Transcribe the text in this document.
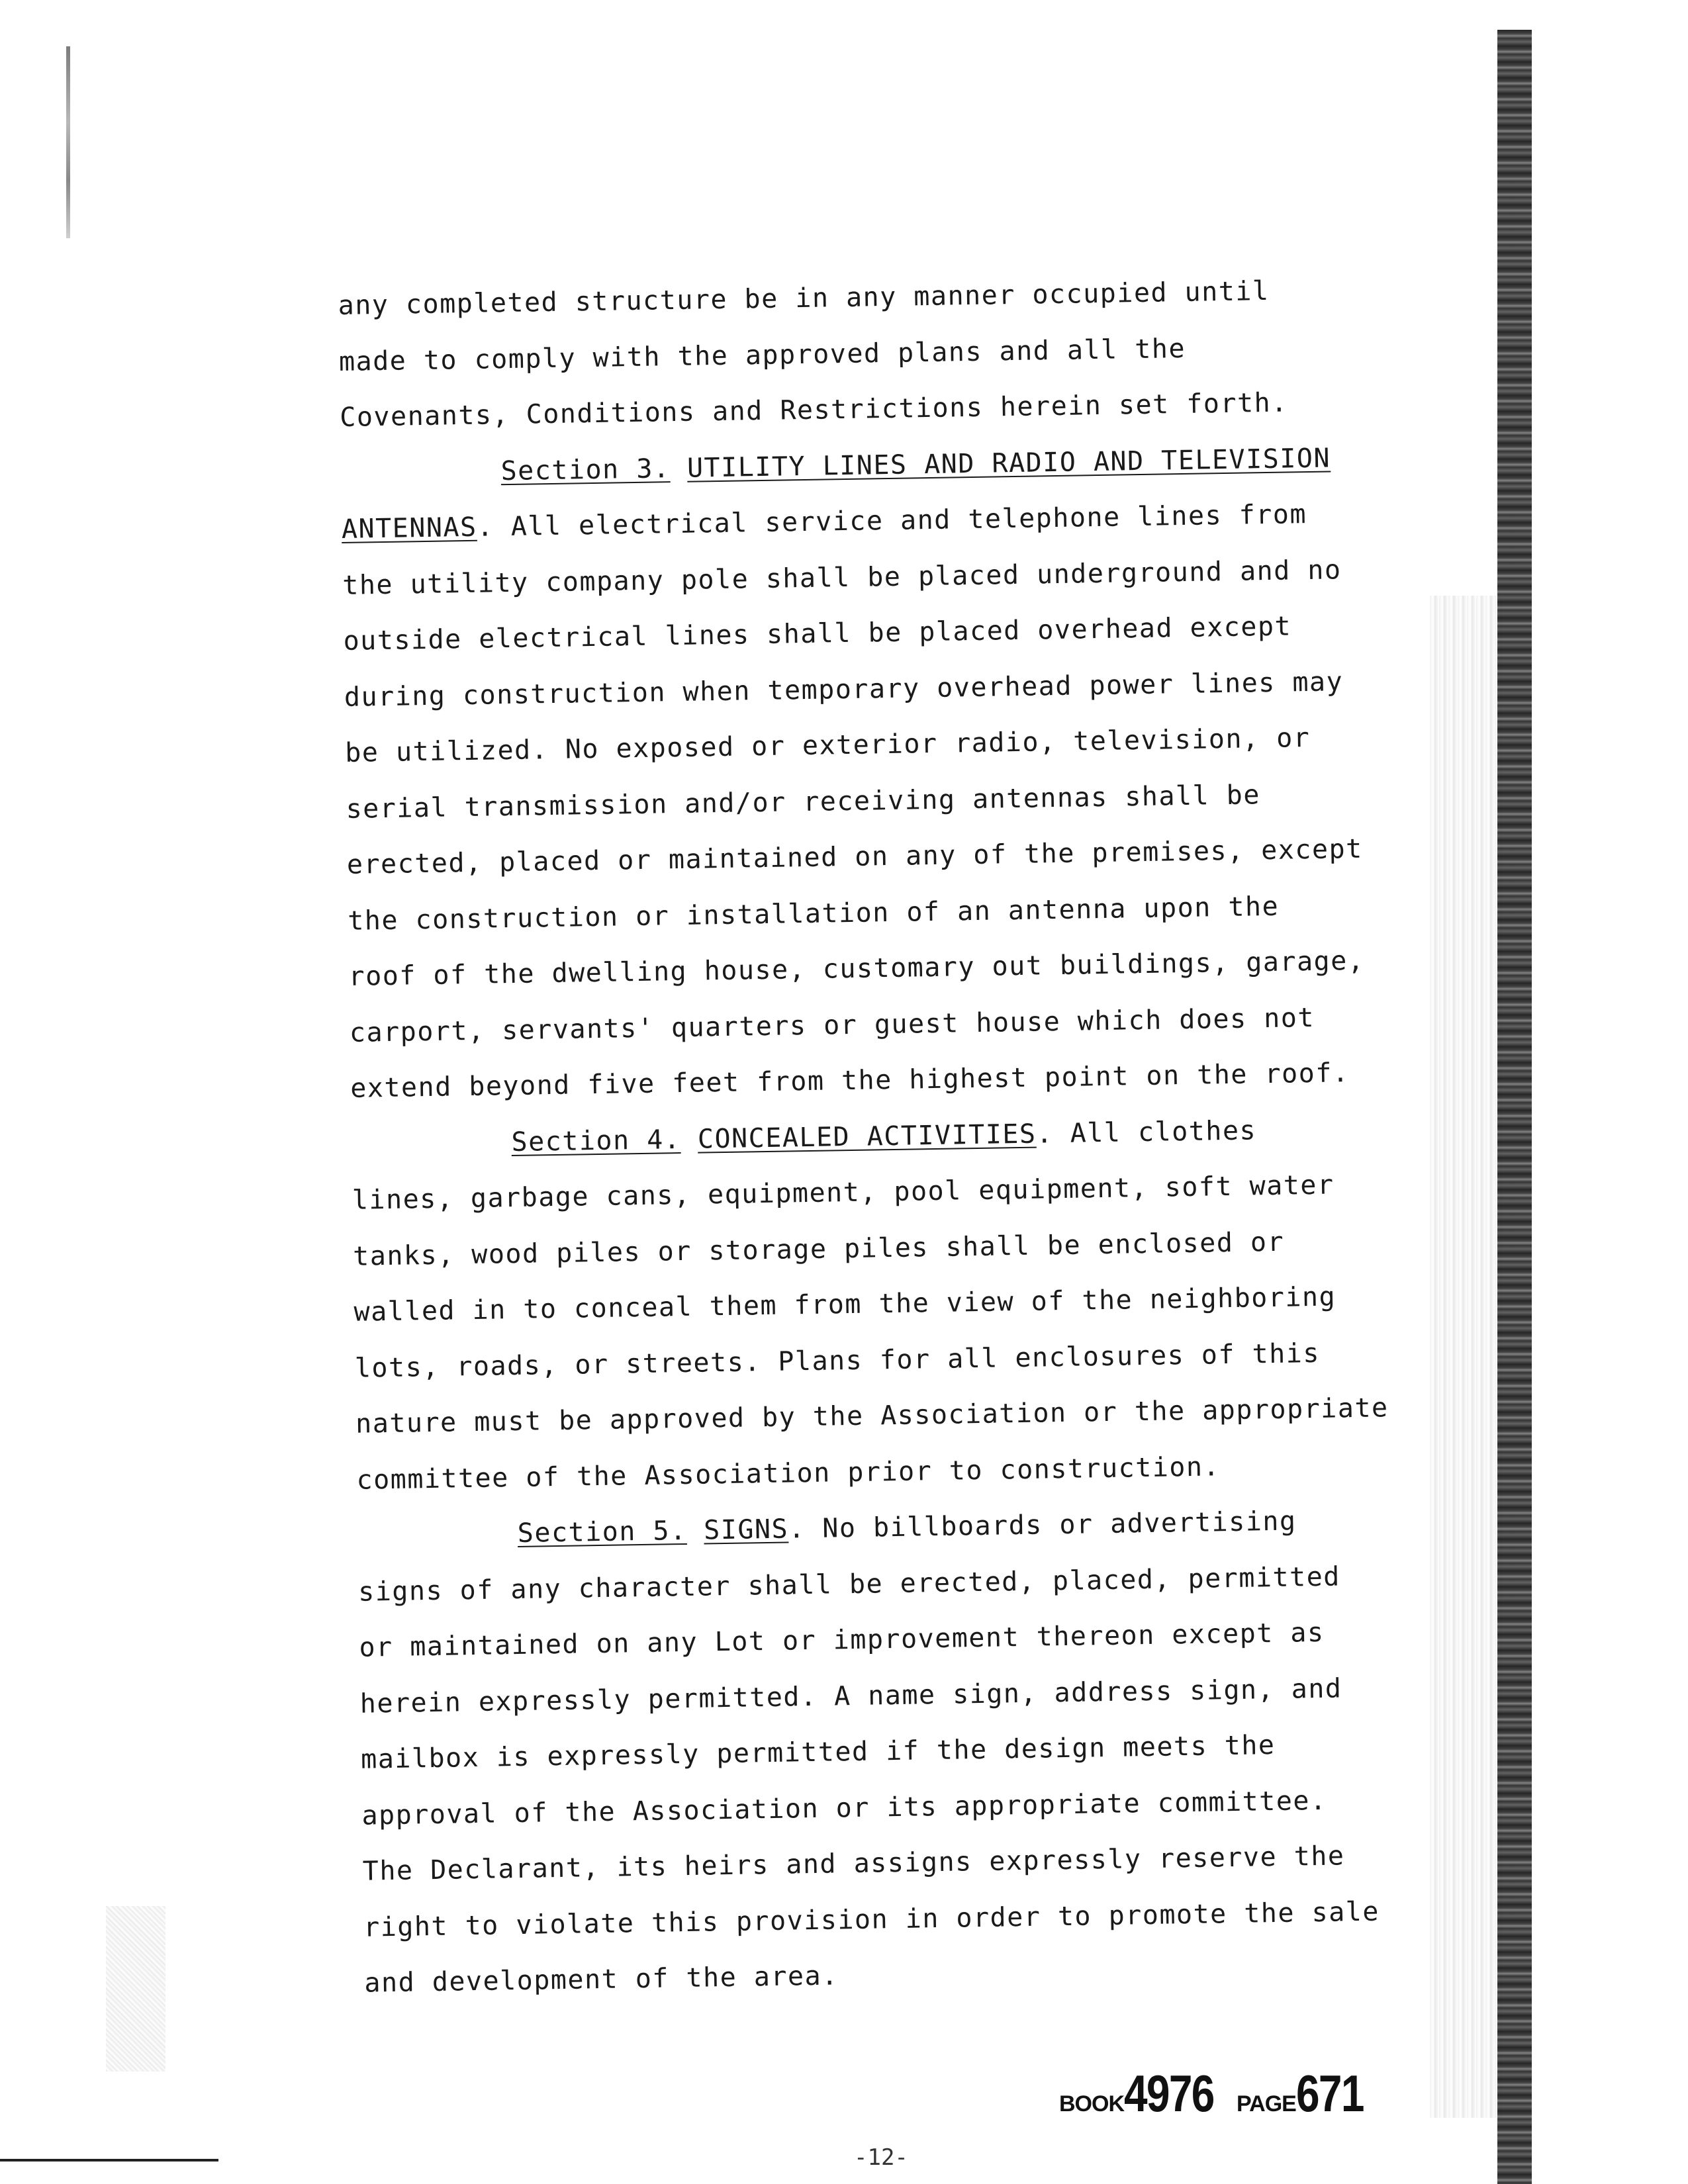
any completed structure be in any manner occupied until
made to comply with the approved plans and all the
Covenants, Conditions and Restrictions herein set forth.
Section 3. UTILITY LINES AND RADIO AND TELEVISION
ANTENNAS. All electrical service and telephone lines from
the utility company pole shall be placed underground and no
outside electrical lines shall be placed overhead except
during construction when temporary overhead power lines may
be utilized. No exposed or exterior radio, television, or
serial transmission and/or receiving antennas shall be
erected, placed or maintained on any of the premises, except
the construction or installation of an antenna upon the
roof of the dwelling house, customary out buildings, garage,
carport, servants' quarters or guest house which does not
extend beyond five feet from the highest point on the roof.
Section 4. CONCEALED ACTIVITIES. All clothes
lines, garbage cans, equipment, pool equipment, soft water
tanks, wood piles or storage piles shall be enclosed or
walled in to conceal them from the view of the neighboring
lots, roads, or streets. Plans for all enclosures of this
nature must be approved by the Association or the appropriate
committee of the Association prior to construction.
Section 5. SIGNS. No billboards or advertising
signs of any character shall be erected, placed, permitted
or maintained on any Lot or improvement thereon except as
herein expressly permitted. A name sign, address sign, and
mailbox is expressly permitted if the design meets the
approval of the Association or its appropriate committee.
The Declarant, its heirs and assigns expressly reserve the
right to violate this provision in order to promote the sale
and development of the area.
BOOK4976 PAGE671
-12-
